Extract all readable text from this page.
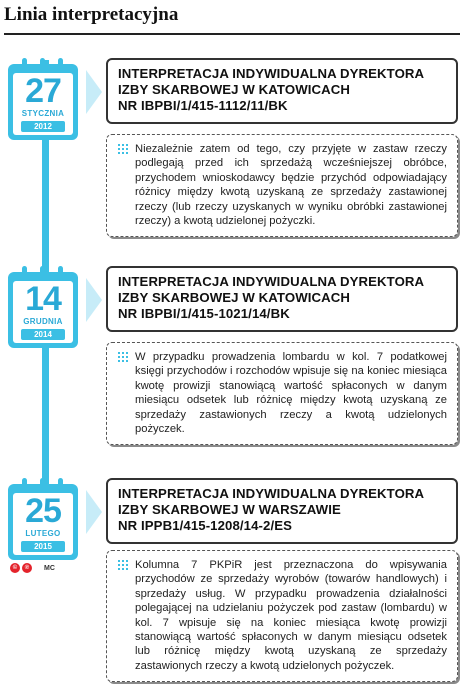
Linia interpretacyjna
27
STYCZNIA
2012
INTERPRETACJA INDYWIDUALNA DYREKTORA
IZBY SKARBOWEJ W KATOWICACH
NR IBPBI/1/415-1112/11/BK

Niezależnie zatem od tego, czy przyjęte w zastaw rzeczy podlegają przed ich sprzedażą wcześniejszej obróbce, przychodem wnioskodawcy będzie przychód odpowiadający różnicy między kwotą uzyskaną ze sprzedaży zastawionej rzeczy (lub rzeczy uzyskanych w wyniku obróbki zastawionej rzeczy) a kwotą udzielonej pożyczki.

14
GRUDNIA
2014
INTERPRETACJA INDYWIDUALNA DYREKTORA
IZBY SKARBOWEJ W KATOWICACH
NR IBPBI/1/415-1021/14/BK

W przypadku prowadzenia lombardu w kol. 7 podatkowej księgi przychodów i rozchodów wpisuje się na koniec miesiąca kwotę prowizji stanowiącą wartość spłaconych w danym miesiącu odsetek lub różnicę między kwotą uzyskaną ze sprzedaży zastawionych rzeczy a kwotą udzielonych pożyczek.

25
LUTEGO
2015
INTERPRETACJA INDYWIDUALNA DYREKTORA
IZBY SKARBOWEJ W WARSZAWIE
NR IPPB1/415-1208/14-2/ES

Kolumna 7 PKPiR jest przeznaczona do wpisywania przychodów ze sprzedaży wyrobów (towarów handlowych) i sprzedaży usług. W przypadku prowadzenia działalności polegającej na udzielaniu pożyczek pod zastaw (lombardu) w kol. 7 wpisuje się na koniec miesiąca kwotę prowizji stanowiącą wartość spłaconych w danym miesiącu odsetek lub różnicę między kwotą uzyskaną ze sprzedaży zastawionych rzeczy a kwotą udzielonych pożyczek.

©	℗	MC
